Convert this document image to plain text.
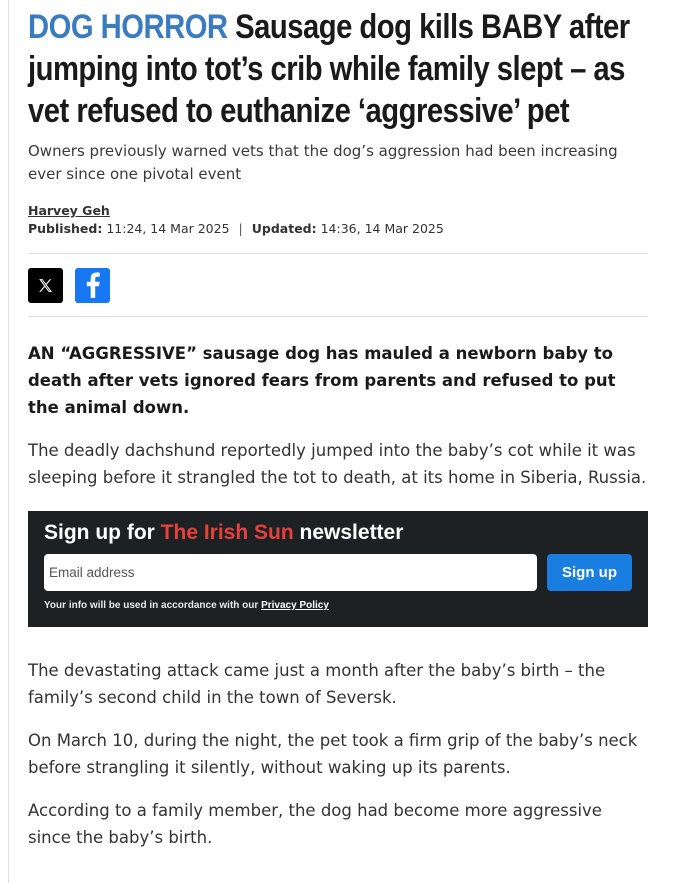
DOG HORROR Sausage dog kills BABY after jumping into tot’s crib while family slept – as vet refused to euthanize ‘aggressive’ pet

Owners previously warned vets that the dog’s aggression had been increasing ever since one pivotal event

Harvey Geh
Published: 11:24, 14 Mar 2025 | Updated: 14:36, 14 Mar 2025

AN “AGGRESSIVE” sausage dog has mauled a newborn baby to death after vets ignored fears from parents and refused to put the animal down.

The deadly dachshund reportedly jumped into the baby’s cot while it was sleeping before it strangled the tot to death, at its home in Siberia, Russia.

Sign up for The Irish Sun newsletter
Email address
Sign up
Your info will be used in accordance with our Privacy Policy

The devastating attack came just a month after the baby’s birth – the family’s second child in the town of Seversk.

On March 10, during the night, the pet took a firm grip of the baby’s neck before strangling it silently, without waking up its parents.

According to a family member, the dog had become more aggressive since the baby’s birth.
